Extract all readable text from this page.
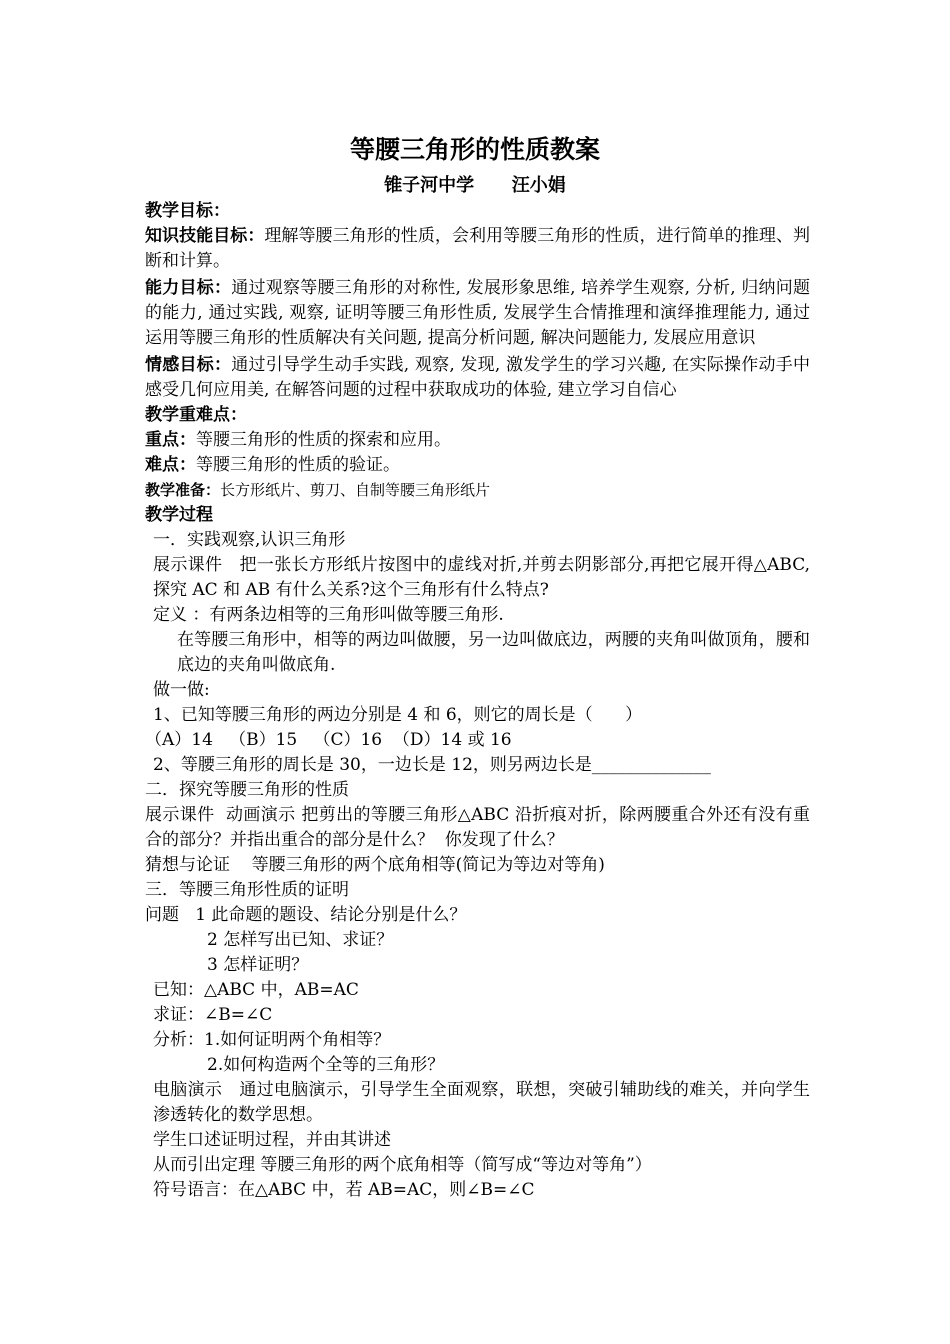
等腰三角形的性质教案
锥子河中学      汪小娟

教学目标：

知识技能目标：理解等腰三角形的性质，会利用等腰三角形的性质，进行简单的推理、判断和计算。

能力目标：通过观察等腰三角形的对称性, 发展形象思维, 培养学生观察, 分析, 归纳问题的能力, 通过实践, 观察, 证明等腰三角形性质, 发展学生合情推理和演绎推理能力, 通过运用等腰三角形的性质解决有关问题, 提高分析问题, 解决问题能力, 发展应用意识

情感目标：通过引导学生动手实践, 观察, 发现, 激发学生的学习兴趣, 在实际操作动手中感受几何应用美, 在解答问题的过程中获取成功的体验, 建立学习自信心

教学重难点：

重点：等腰三角形的性质的探索和应用。

难点：等腰三角形的性质的验证。

教学准备：长方形纸片、剪刀、自制等腰三角形纸片

教学过程

一．实践观察,认识三角形

展示课件   把一张长方形纸片按图中的虚线对折,并剪去阴影部分,再把它展开得△ABC, 探究 AC 和 AB 有什么关系?这个三角形有什么特点?

定义 ：有两条边相等的三角形叫做等腰三角形.

在等腰三角形中，相等的两边叫做腰，另一边叫做底边，两腰的夹角叫做顶角，腰和底边的夹角叫做底角.

做一做:

1、已知等腰三角形的两边分别是 4 和 6，则它的周长是（      ）

（A）14   （B）15   （C）16  （D）14 或 16

2、等腰三角形的周长是 30，一边长是 12，则另两边长是______________

二．探究等腰三角形的性质

展示课件  动画演示 把剪出的等腰三角形△ABC 沿折痕对折，除两腰重合外还有没有重合的部分？并指出重合的部分是什么？  你发现了什么？

猜想与论证    等腰三角形的两个底角相等(简记为等边对等角)

三．等腰三角形性质的证明

问题   1 此命题的题设、结论分别是什么？

2 怎样写出已知、求证？

3 怎样证明？

已知：△ABC 中，AB=AC

求证：∠B=∠C

分析：1.如何证明两个角相等？

2.如何构造两个全等的三角形？

电脑演示   通过电脑演示，引导学生全面观察，联想，突破引辅助线的难关，并向学生渗透转化的数学思想。

学生口述证明过程，并由其讲述

从而引出定理 等腰三角形的两个底角相等（简写成“等边对等角”）

符号语言：在△ABC 中，若 AB=AC，则∠B=∠C
